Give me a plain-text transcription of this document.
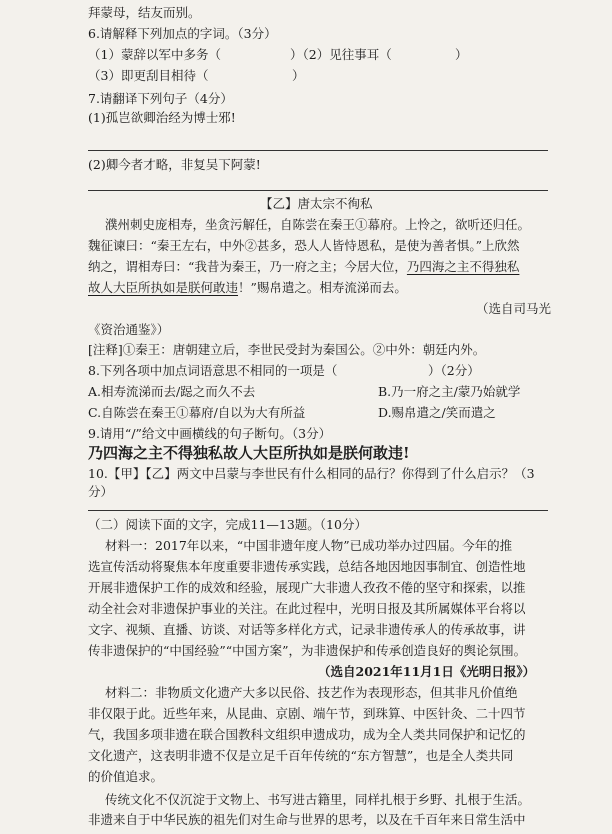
拜蒙母，结友而别。
6.请解释下列加点的字词。（3分）
（1）蒙辞以军中多务（	）（2）见往事耳（	）
（3）即更刮目相待（	）
7.请翻译下列句子（4分）
(1)孤岂欲卿治经为博士邪!
(2)卿今者才略，非复吴下阿蒙!
【乙】唐太宗不徇私
濮州刺史庞相寿，坐贪污解任，自陈尝在秦王①幕府。上怜之，欲听还归任。
魏征谏曰：“秦王左右，中外②甚多，恐人人皆恃恩私，是使为善者惧。”上欣然
纳之，谓相寿曰：“我昔为秦王，乃一府之主；今居大位，乃四海之主不得独私
故人大臣所执如是朕何敢违！”赐帛遣之。相寿流涕而去。
（选自司马光
《资治通鉴》）
[注释]①秦王：唐朝建立后，李世民受封为秦国公。②中外：朝廷内外。
8.下列各项中加点词语意思不相同的一项是（	）（2分）
A.相寿流涕而去/跽之而久不去	B.乃一府之主/蒙乃始就学
C.自陈尝在秦王①幕府/自以为大有所益	D.赐帛遣之/笑而遣之
9.请用“/”给文中画横线的句子断句。（3分）
乃四海之主不得独私故人大臣所执如是朕何敢违!
10.【甲】【乙】两文中吕蒙与李世民有什么相同的品行？你得到了什么启示？（3
分）
（二）阅读下面的文字，完成11—13题。（10分）
材料一：2017年以来，“中国非遗年度人物”已成功举办过四届。今年的推
选宣传活动将聚焦本年度重要非遗传承实践，总结各地因地因事制宜、创造性地
开展非遗保护工作的成效和经验，展现广大非遗人孜孜不倦的坚守和探索，以推
动全社会对非遗保护事业的关注。在此过程中，光明日报及其所属媒体平台将以
文字、视频、直播、访谈、对话等多样化方式，记录非遗传承人的传承故事，讲
传非遗保护的“中国经验”“中国方案”，为非遗保护和传承创造良好的舆论氛围。
（选自2021年11月1日《光明日报》）
材料二：非物质文化遗产大多以民俗、技艺作为表现形态，但其非凡价值绝
非仅限于此。近些年来，从昆曲、京剧、端午节，到珠算、中医针灸、二十四节
气，我国多项非遗在联合国教科文组织申遗成功，成为全人类共同保护和记忆的
文化遗产，这表明非遗不仅是立足千百年传统的“东方智慧”，也是全人类共同
的价值追求。
传统文化不仅沉淀于文物上、书写进古籍里，同样扎根于乡野、扎根于生活。
非遗来自于中华民族的祖先们对生命与世界的思考，以及在千百年来日常生活中
